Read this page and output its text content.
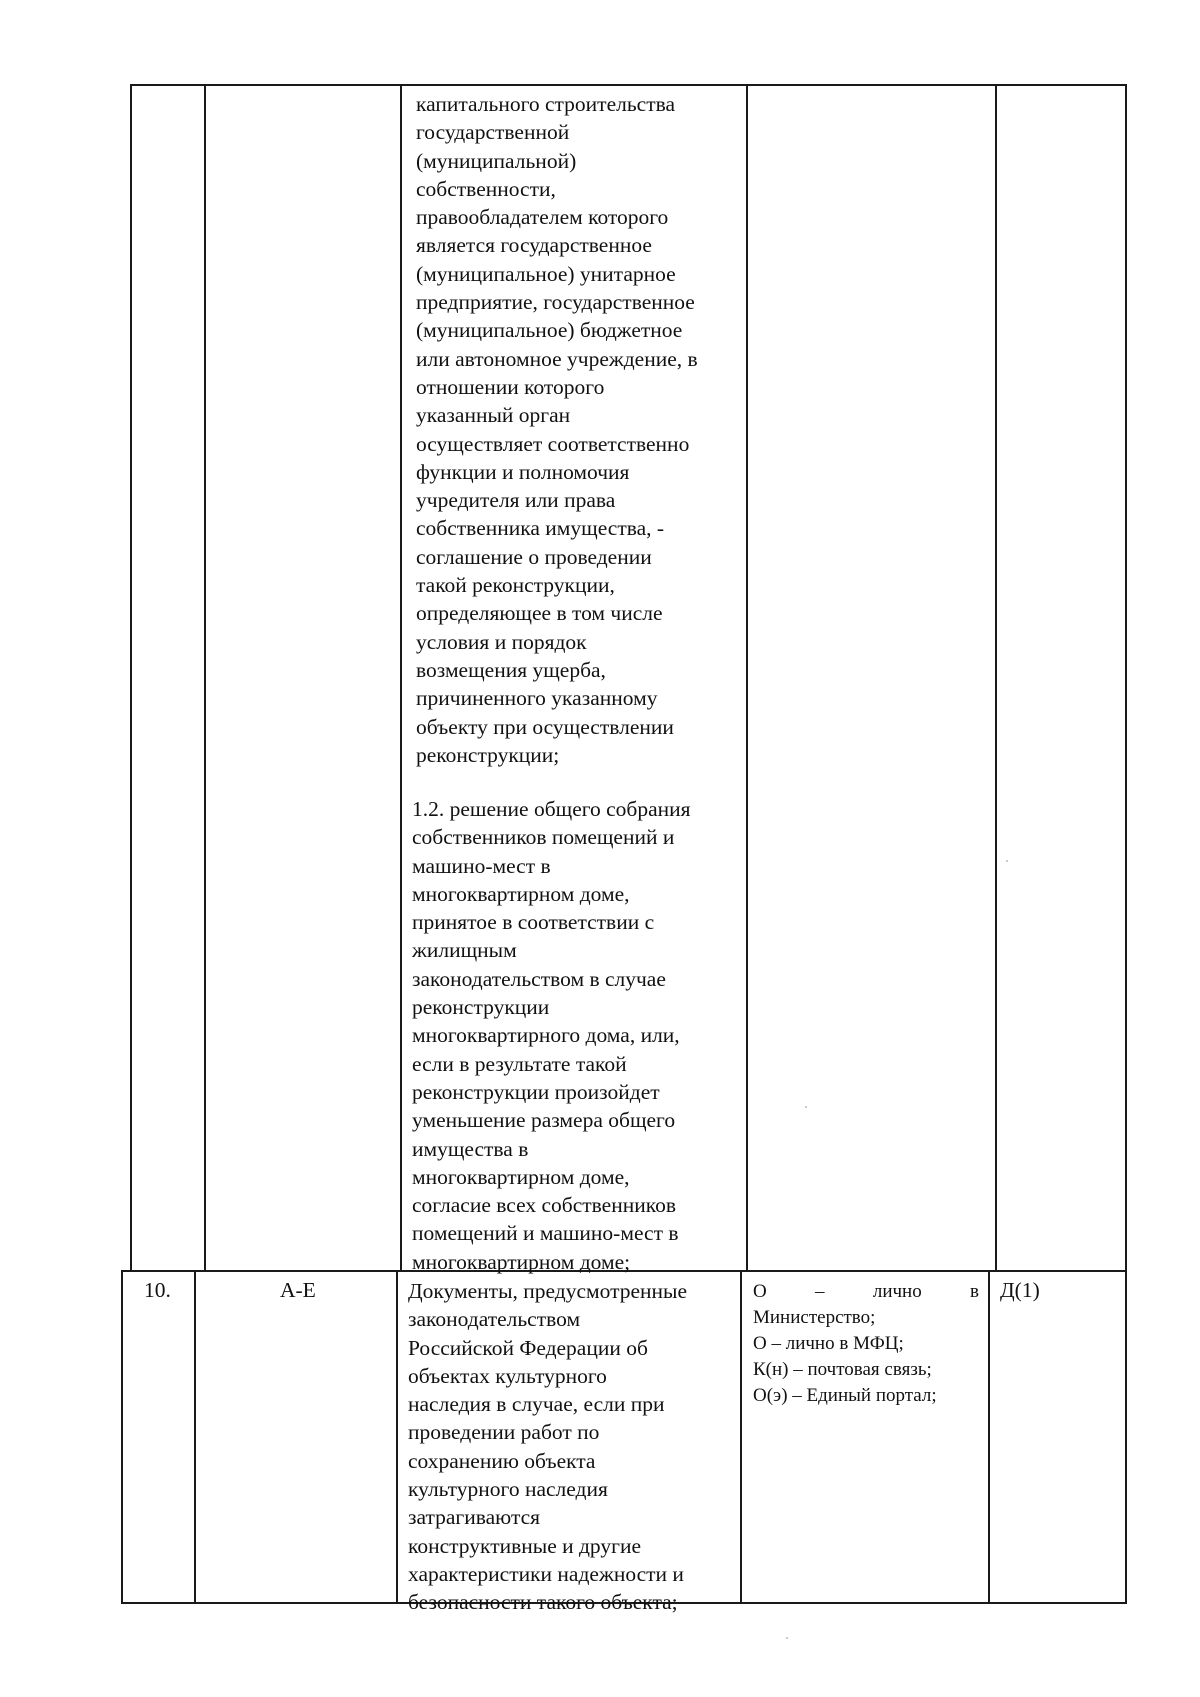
капитального строительства
государственной
(муниципальной)
собственности,
правообладателем которого
является государственное
(муниципальное) унитарное
предприятие, государственное
(муниципальное) бюджетное
или автономное учреждение, в
отношении которого
указанный орган
осуществляет соответственно
функции и полномочия
учредителя или права
собственника имущества, -
соглашение о проведении
такой реконструкции,
определяющее в том числе
условия и порядок
возмещения ущерба,
причиненного указанному
объекту при осуществлении
реконструкции;
1.2. решение общего собрания
собственников помещений и
машино-мест в
многоквартирном доме,
принятое в соответствии с
жилищным
законодательством в случае
реконструкции
многоквартирного дома, или,
если в результате такой
реконструкции произойдет
уменьшение размера общего
имущества в
многоквартирном доме,
согласие всех собственников
помещений и машино-мест в
многоквартирном доме;
10.	А-Е	Документы, предусмотренные
законодательством
Российской Федерации об
объектах культурного
наследия в случае, если при
проведении работ по
сохранению объекта
культурного наследия
затрагиваются
конструктивные и другие
характеристики надежности и
безопасности такого объекта;
О – лично в
Министерство;
О – лично в МФЦ;
К(н) – почтовая связь;
О(э) – Единый портал;
Д(1)
